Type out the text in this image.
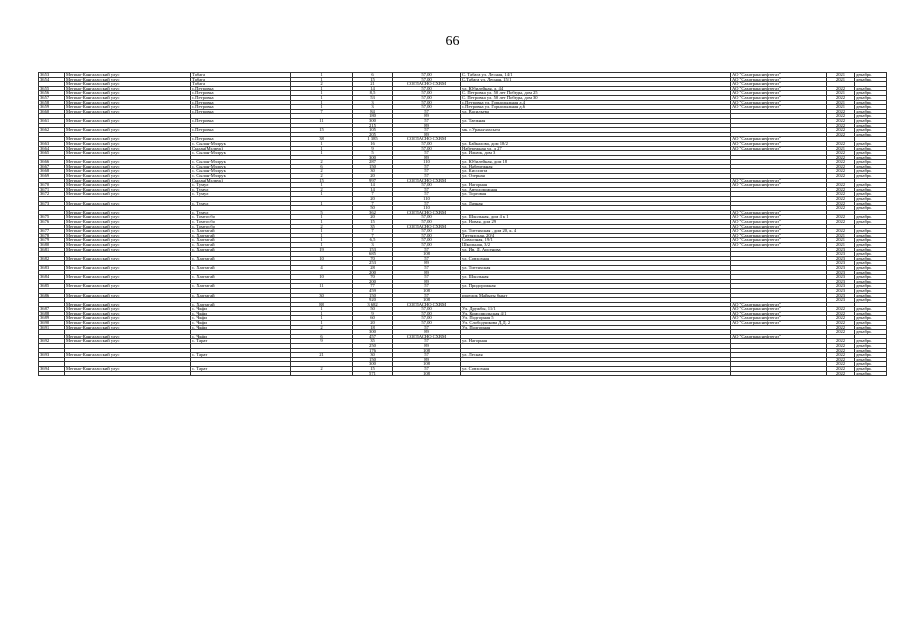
66
3653	Мегино-Кангаласский улус	Табага	1	6	57,00	С. Табага ул. Лесная, 14/1	АО "Сахатранснефтегаз"	2021	декабрь
3654	Мегино-Кангаласский улус	Табага	1	15	57,00	С.Табага ул. Лесная, 15/1	АО "Сахатранснефтегаз"	2021	декабрь
	Мегино-Кангаласский улус	Табага	2	21	СОГЛАСНО СХВМ		АО "Сахатранснефтегаз"		
3655	Мегино-Кангаласский улус	с.Петровка	1	14	57,00	ул. Юбилейная, д. 44	АО "Сахатранснефтегаз"	2022	декабрь
3656	Мегино-Кангаласский улус	с.Петровка	1	8,5	57,00	С. Петровка ул. 50 лет Победы, дом 25	АО "Сахатранснефтегаз"	2021	декабрь
3657	Мегино-Кангаласский улус	с.Петровка	1	53	57,00	С. Петровка ул. 50 лет Победы, дом 30	АО "Сахатранснефтегаз"	2022	декабрь
3658	Мегино-Кангаласский улус	с.Петровка	1	3	57,00	с.Петровка ул. Горнолыжная д.4	АО "Сахатранснефтегаз"	2021	декабрь
3659	Мегино-Кангаласский улус	с.Петровка	1	3	57,00	с.Петровка ул. Горнолыжная д.6	АО "Сахатранснефтегаз"	2021	декабрь
3660	Мегино-Кангаласский улус	с.Петровка	7	84	57	ул. Васильева		2022	декабрь
				180	89			2022	декабрь
3661	Мегино-Кангаласский улус	с.Петровка	11	300	57	ул. Таежная		2022	декабрь
				215	89			2022	декабрь
3662	Мегино-Кангаласский улус	с.Петровка	15	105	57	мк. г.Ураьычахсыта		2022	декабрь
				205	89			2022	декабрь
	Мегино-Кангаласский улус	с.Петровка	38	1 385	СОГЛАСНО СХВМ		АО "Сахатранснефтегаз"		
3663	Мегино-Кангаласский улус	с. Сылан-Мэлрук	1	16	57,00	ул. Байкалова, дом 18/2	АО "Сахатранснефтегаз"	2022	декабрь
3664	Мегино-Кангаласский улус	Сылан(Мэлрук)	1	9	57,00	Набережная ул. д 27	АО "Сахатранснефтегаз"	2021	декабрь
3665	Мегино-Кангаласский улус	с. Сылан-Мэлрук	1	5	57	ул. Ильюк, дом 3		2022	декабрь
				300	89			2022	декабрь
3666	Мегино-Кангаласский улус	с. Сылан-Мэлрук	2	287	110	ул. Юбилейная, дом 18		2022	декабрь
3667	Мегино-Кангаласский улус	с. Сылан-Мэлрук	6	150	57	ул. Набережная		2022	декабрь
3668	Мегино-Кангаласский улус	с. Сылан-Мэлрук	2	30	57	ул. Киссипта		2022	декабрь
3669	Мегино-Кангаласский улус	с. Сылан-Мэлрук	2	20	57	ул. Озерная		2022	декабрь
	Мегино-Кангаласский улус	Сылан(Мэлрук)	15	997	СОГЛАСНО СХВМ		АО "Сахатранснефтегаз"		
3670	Мегино-Кангаласский улус	с. Тумул	1	14	57,00	ул. Нагорная	АО "Сахатранснефтегаз"	2022	декабрь
3671	Мегино-Кангаласский улус	с. Тумул	2	14	57	ул. Автодорожная		2022	декабрь
3672	Мегино-Кангаласский улус	с. Тумул	1	7	57	ул. Торговая		2022	декабрь
				20	110			2022	декабрь
3673	Мегино-Кангаласский улус	с. Тумул	1	7	57	ул. Дачная		2022	декабрь
				50	110			2022	декабрь
	Мегино-Кангаласский улус	с. Тумул	5	362	СОГЛАСНО СХВМ		АО "Сахатранснефтегаз"		
3675	Мегино-Кангаласский улус	с. Томтосбо	1	20	57,00	ул. Школьная, дом 4 к 1	АО "Сахатранснефтегаз"	2022	декабрь
3676	Мегино-Кангаласский улус	с. Томтосбо	1	15	57,00	ул. Новая, дом 29	АО "Сахатранснефтегаз"	2022	декабрь
	Мегино-Кангаласский улус	с. Томтосбо	2	35	СОГЛАСНО СХВМ		АО "Сахатранснефтегаз"		
3677	Мегино-Кангаласский улус	с. Хаптагай	1	7	57,00	ул. Титтяхская , дом 20, к. 4	АО "Сахатранснефтегаз"	2022	декабрь
3678	Мегино-Кангаласский улус	с. Хаптагай	1	7	57,00	Титтяхская, 20/4	АО "Сахатранснефтегаз"	2021	декабрь
3679	Мегино-Кангаласский улус	с. Хаптагай	1	6,5	57,00	Совхозная, 19/1	АО "Сахатранснефтегаз"	2021	декабрь
3680	Мегино-Кангаласский улус	с. Хаптагай	1	3	57,00	Школьная, 3/2	АО "Сахатранснефтегаз"	2021	декабрь
3681	Мегино-Кангаласский улус	с. Хаптагай	19	153	57	ул. Ив. Д. Арсенова		2023	декабрь
				685	108			2023	декабрь
3682	Мегино-Кангаласский улус	с. Хаптагай	10	70	57	ул. Совхозная		2023	декабрь
				253	89			2023	декабрь
3683	Мегино-Кангаласский улус	с. Хаптагай	4	28	57	ул. Титтяхская		2023	декабрь
				200	89			2023	декабрь
3684	Мегино-Кангаласский улус	с. Хаптагай	10	70	57	ул. Школьная		2023	декабрь
				200	89			2023	декабрь
3685	Мегино-Кангаласский улус	с. Хаптагай	11	77	57	ул. Придорожная		2023	декабрь
				459	108			2023	декабрь
3686	Мегино-Кангаласский улус	с. Хаптагай	30	150	57	проулок Майыгы быыт		2023	декабрь
				920	108			2023	декабрь
	Мегино-Кангаласский улус	с. Хаптагай	88	3 682	СОГЛАСНО СХВМ		АО "Сахатранснефтегаз"		
3687	Мегино-Кангаласский улус	с. Чкфи	1	50	57,00	Ул. Дружбы, 11/1	АО "Сахатранснефтегаз"	2022	декабрь
3688	Мегино-Кангаласский улус	с. Чкфи	1	9	57,00	Ул. Комсомольская 4/1	АО "Сахатранснефтегаз"	2022	декабрь
3689	Мегино-Кангаласский улус	с. Чкфи	1	60	57,00	Ул. Подгорная 5	АО "Сахатранснефтегаз"	2022	декабрь
3690	Мегино-Кангаласский улус	с. Чкфи	1	20	57,00	Ул. Слободчикова Д.Д. 2	АО "Сахатранснефтегаз"	2022	декабрь
3691	Мегино-Кангаласский улус	с. Чкфи	2	18	57	Ул. Подгорная		2022	декабрь
				300	89			2022	декабрь
	Мегино-Кангаласский улус	с. Чкфи	6	457	СОГЛАСНО СХВМ		АО "Сахатранснефтегаз"		
3692	Мегино-Кангаласский улус	с. Тарат	9	35	57	ул. Нагорная		2022	декабрь
				250	89			2022	декабрь
				176	108			2022	декабрь
3693	Мегино-Кангаласский улус	с. Тарат	21	30	57	ул. Лесная		2022	декабрь
				150	89			2022	декабрь
				300	108			2022	декабрь
3694	Мегино-Кангаласский улус	с. Тарат	2	15	57	ул. Совхозная		2022	декабрь
				571	108			2022	декабрь
